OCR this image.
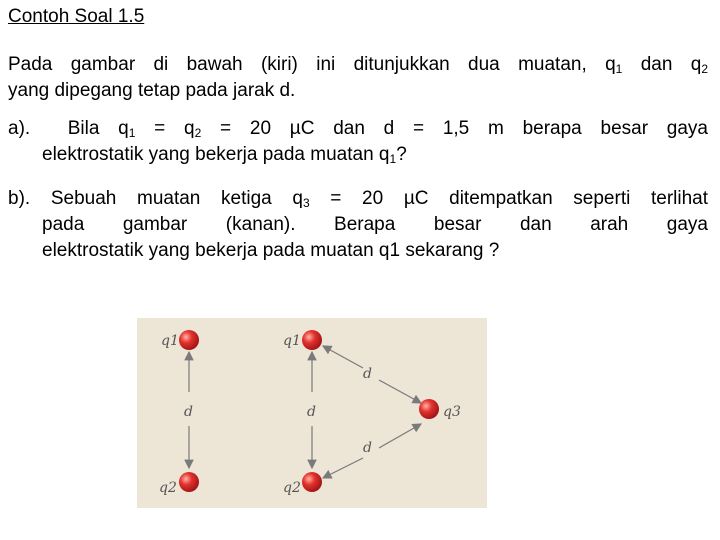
Contoh Soal 1.5
Pada gambar di bawah (kiri) ini ditunjukkan dua muatan, $q_1$ dan $q_2$
yang dipegang tetap pada jarak d.
a). Bila $q_1 = q_2 = 20$ µC dan d = 1,5 m berapa besar gaya
elektrostatik yang bekerja pada muatan $q_1$?
b). Sebuah muatan ketiga $q_3 = 20$ µC ditempatkan seperti terlihat
pada gambar (kanan). Berapa besar dan arah gaya
elektrostatik yang bekerja pada muatan q1 sekarang ?
q1
q2
d
q1
q2
q3
d
d
d
